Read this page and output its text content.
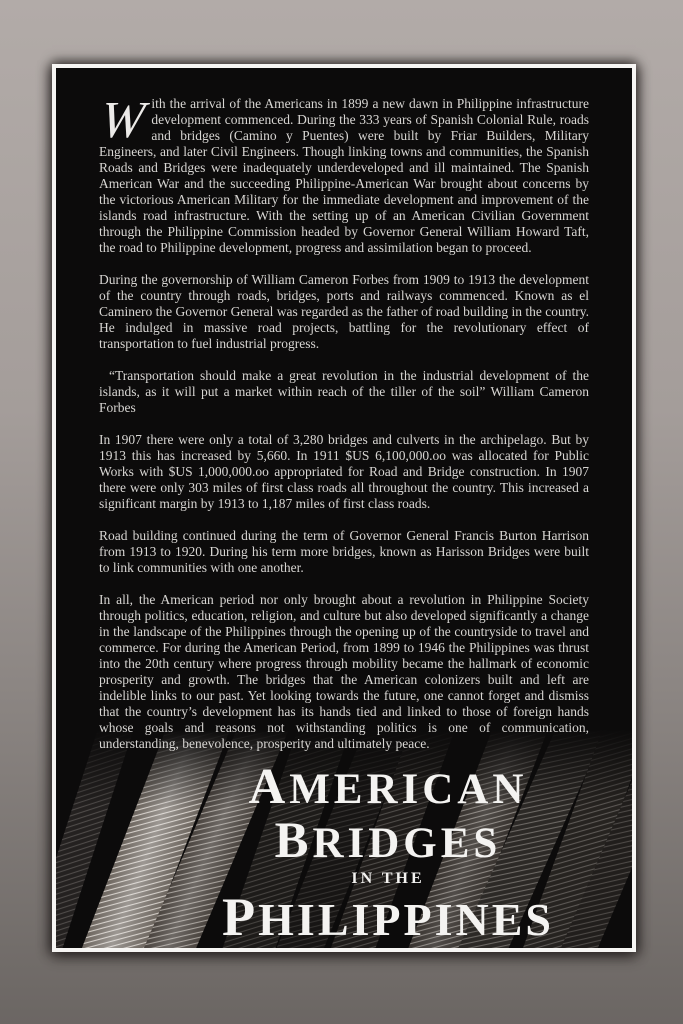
With the arrival of the Americans in 1899 a new dawn in Philippine infrastructure development commenced. During the 333 years of Spanish Colonial Rule, roads and bridges (Camino y Puentes) were built by Friar Builders, Military Engineers, and later Civil Engineers. Though linking towns and communities, the Spanish Roads and Bridges were inadequately underdeveloped and ill maintained. The Spanish American War and the succeeding Philippine-American War brought about concerns by the victorious American Military for the immediate development and improvement of the islands road infrastructure. With the setting up of an American Civilian Government through the Philippine Commission headed by Governor General William Howard Taft, the road to Philippine development, progress and assimilation began to proceed.

During the governorship of William Cameron Forbes from 1909 to 1913 the development of the country through roads, bridges, ports and railways commenced. Known as el Caminero the Governor General was regarded as the father of road building in the country. He indulged in massive road projects, battling for the revolutionary effect of transportation to fuel industrial progress.

“Transportation should make a great revolution in the industrial development of the islands, as it will put a market within reach of the tiller of the soil” William Cameron Forbes

In 1907 there were only a total of 3,280 bridges and culverts in the archipelago. But by 1913 this has increased by 5,660. In 1911 $US 6,100,000.oo was allocated for Public Works with $US 1,000,000.oo appropriated for Road and Bridge construction. In 1907 there were only 303 miles of first class roads all throughout the country. This increased a significant margin by 1913 to 1,187 miles of first class roads.

Road building continued during the term of Governor General Francis Burton Harrison from 1913 to 1920. During his term more bridges, known as Harisson Bridges were built to link communities with one another.

In all, the American period nor only brought about a revolution in Philippine Society through politics, education, religion, and culture but also developed significantly a change in the landscape of the Philippines through the opening up of the countryside to travel and commerce. For during the American Period, from 1899 to 1946 the Philippines was thrust into the 20th century where progress through mobility became the hallmark of economic prosperity and growth. The bridges that the American colonizers built and left are indelible links to our past. Yet looking towards the future, one cannot forget and dismiss that the country’s development has its hands tied and linked to those of foreign hands whose goals and reasons not withstanding politics is one of communication, understanding, benevolence, prosperity and ultimately peace.

AMERICAN
BRIDGES
IN THE
PHILIPPINES
